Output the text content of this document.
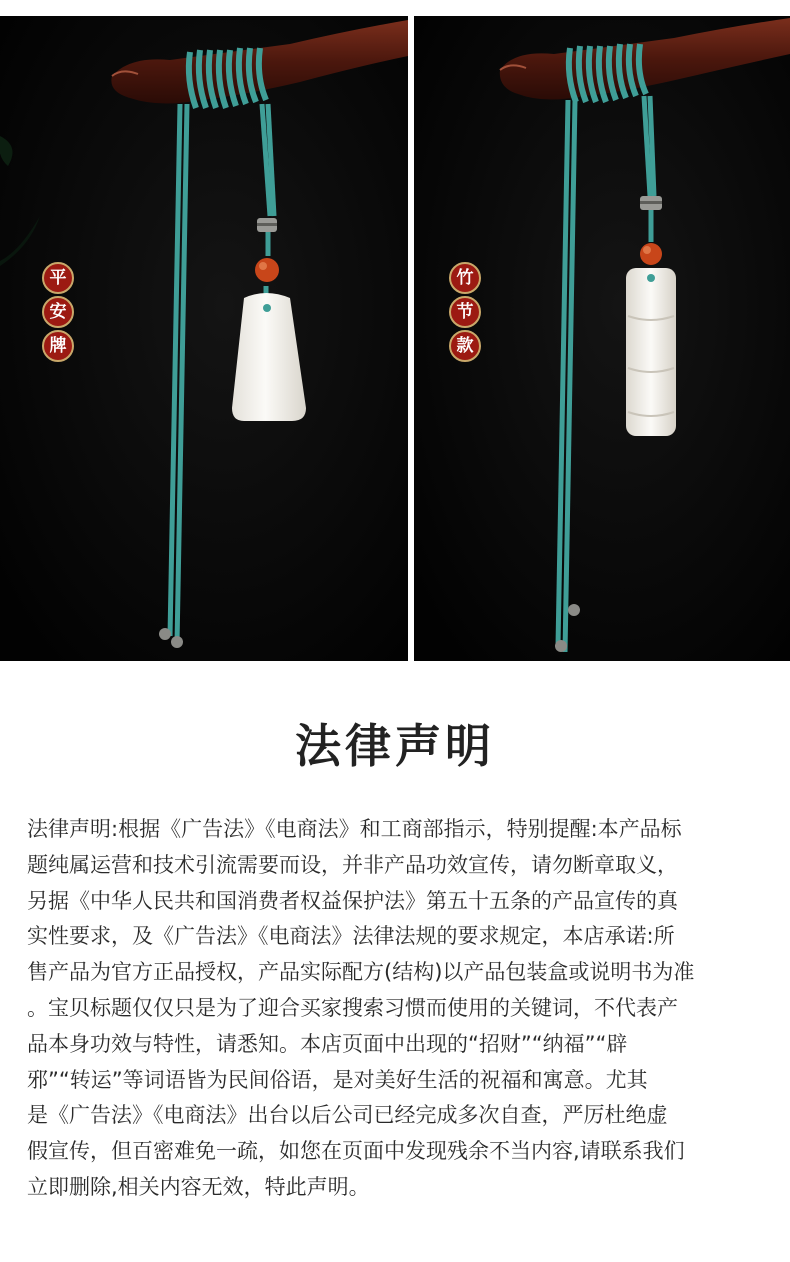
平
安
牌
竹
节
款
法律声明
法律声明:根据《广告法》《电商法》和工商部指示，特别提醒:本产品标
题纯属运营和技术引流需要而设，并非产品功效宣传，请勿断章取义，
另据《中华人民共和国消费者权益保护法》第五十五条的产品宣传的真
实性要求，及《广告法》《电商法》法律法规的要求规定，本店承诺:所
售产品为官方正品授权，产品实际配方(结构)以产品包装盒或说明书为准
。宝贝标题仅仅只是为了迎合买家搜索习惯而使用的关键词，不代表产
品本身功效与特性，请悉知。本店页面中出现的“招财”“纳福”“辟
邪”“转运”等词语皆为民间俗语，是对美好生活的祝福和寓意。尤其
是《广告法》《电商法》出台以后公司已经完成多次自查，严厉杜绝虚
假宣传，但百密难免一疏，如您在页面中发现残余不当内容,请联系我们
立即删除,相关内容无效，特此声明。
